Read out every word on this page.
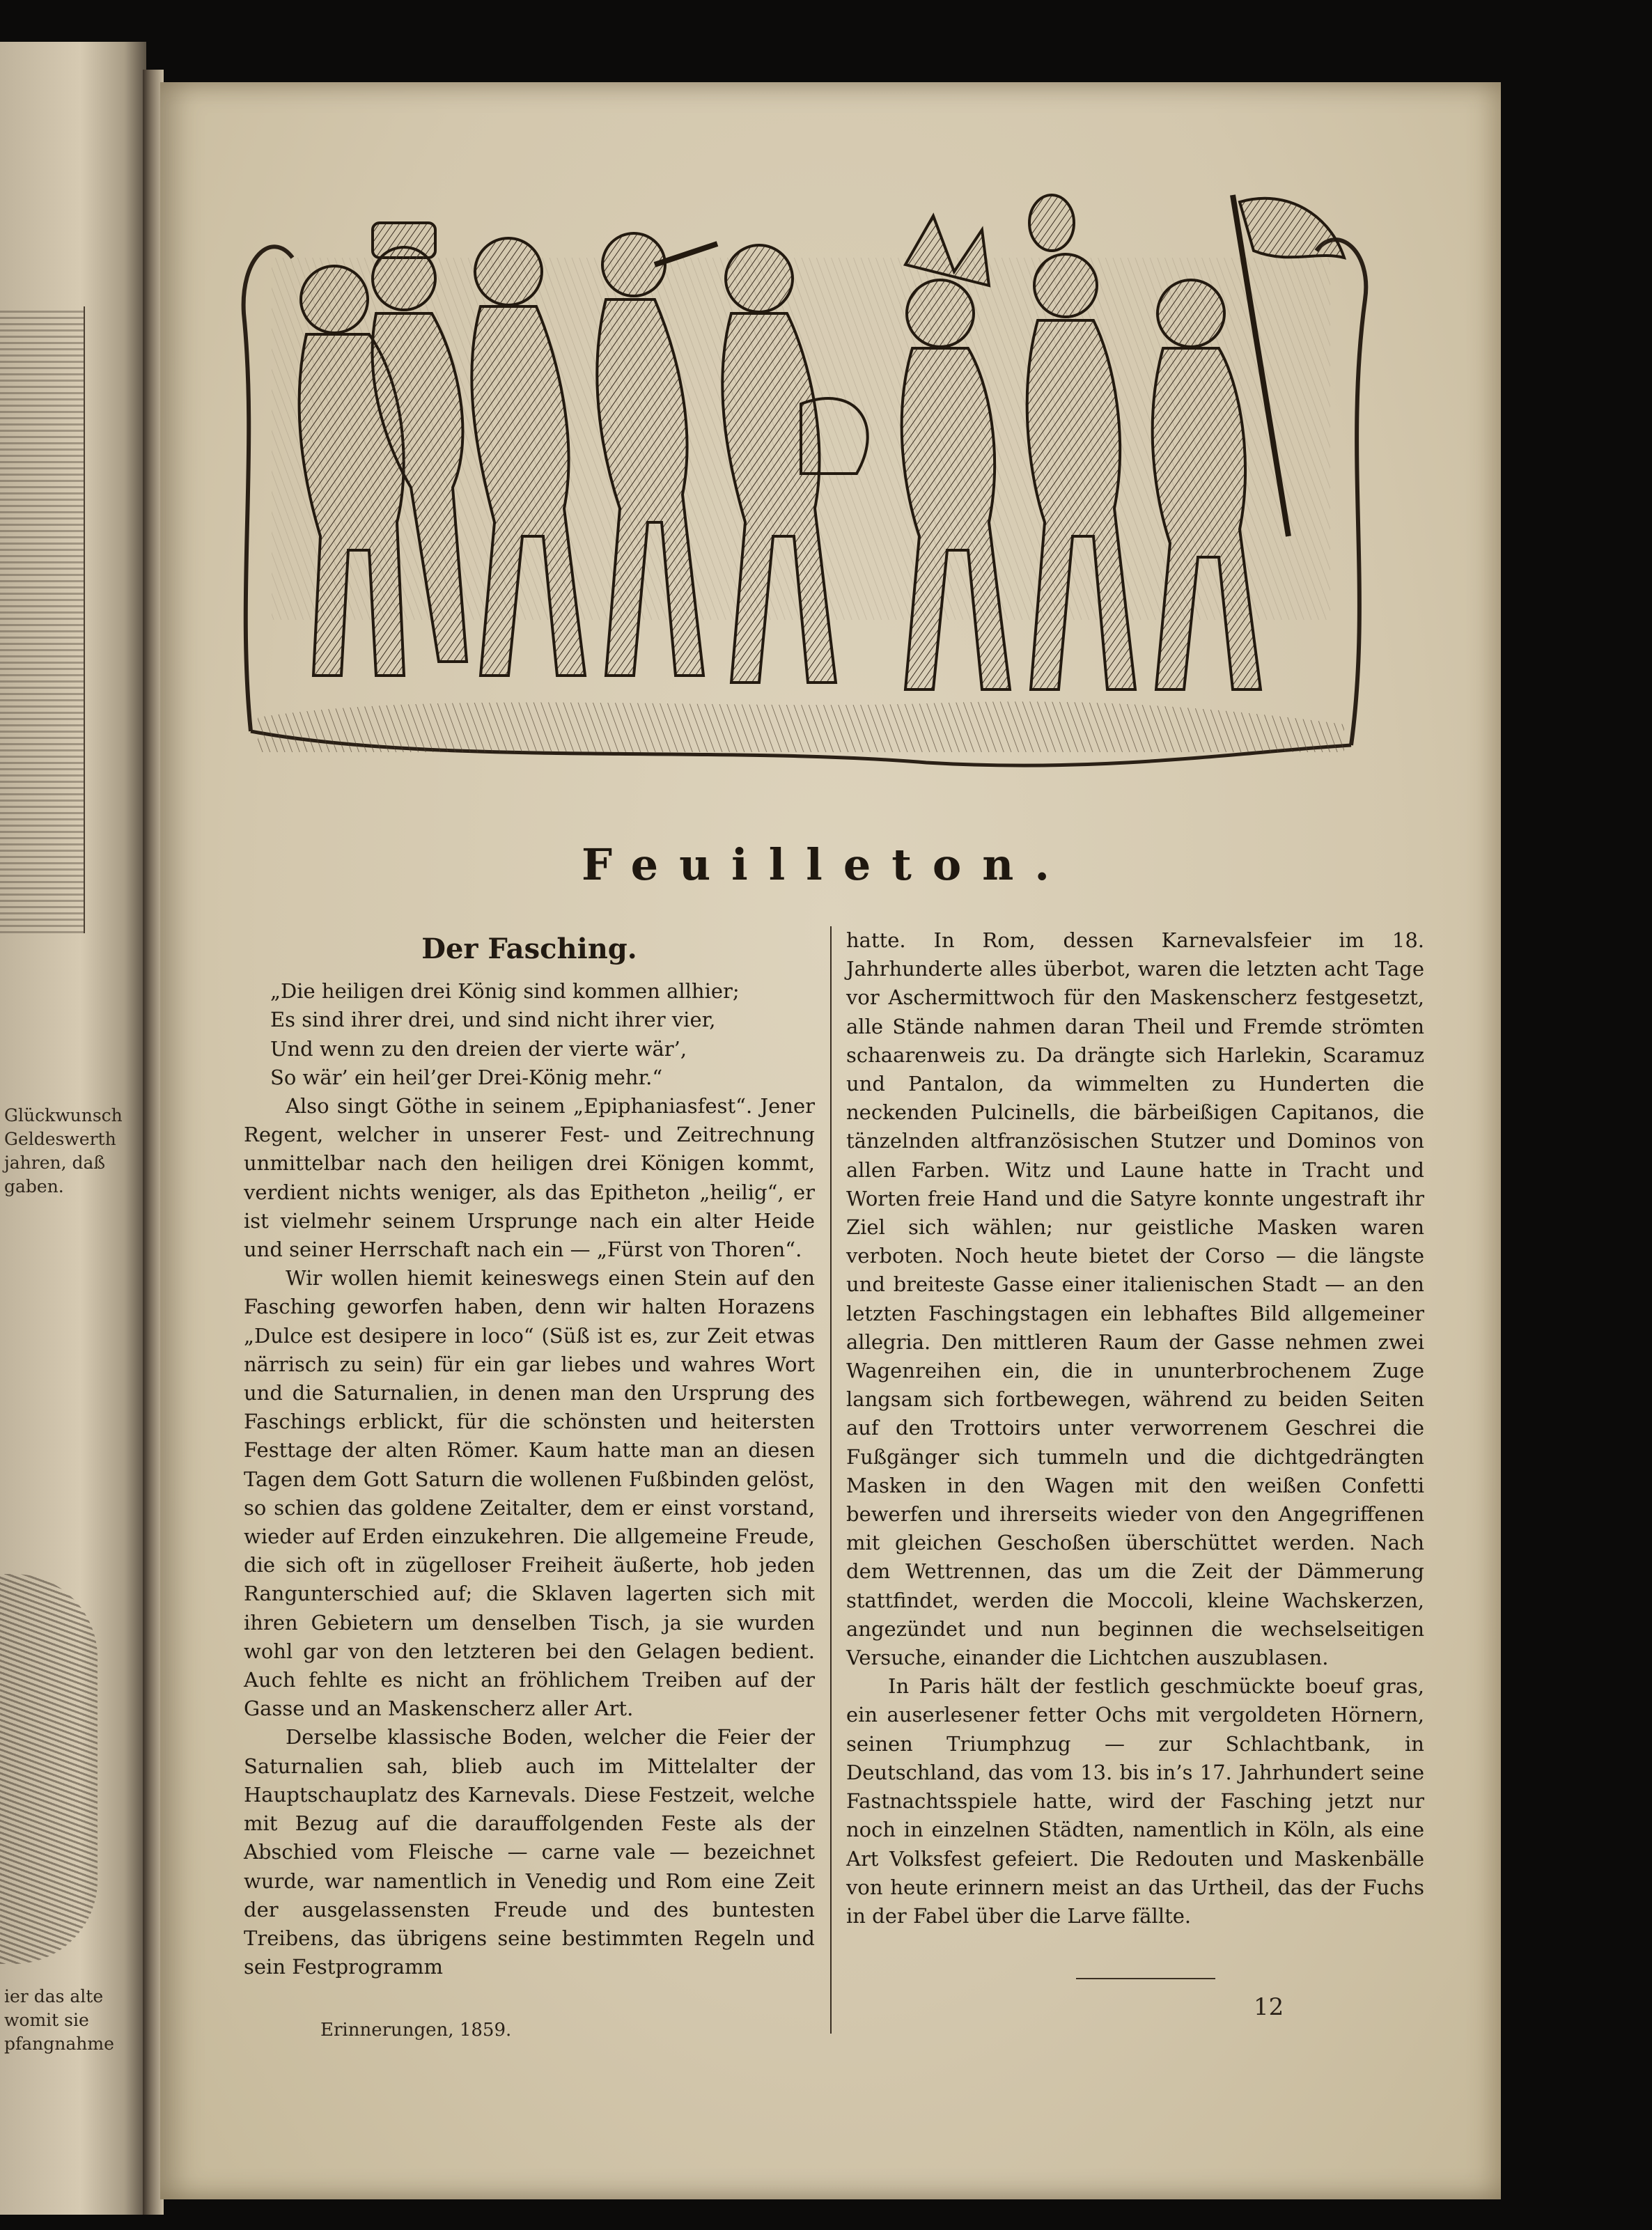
Glückwunsch
Geldeswerth
jahren, daß
gaben.
ier das alte
womit sie
pfangnahme
Feuilleton.
Der Fasching.
„Die heiligen drei König sind kommen allhier;
Es sind ihrer drei, und sind nicht ihrer vier,
Und wenn zu den dreien der vierte wär’,
So wär’ ein heil’ger Drei-König mehr.“

Also singt Göthe in seinem „Epiphaniasfest“. Jener Regent, welcher in unserer Fest- und Zeitrechnung unmittelbar nach den heiligen drei Königen kommt, verdient nichts weniger, als das Epitheton „heilig“, er ist vielmehr seinem Ursprunge nach ein alter Heide und seiner Herrschaft nach ein — „Fürst von Thoren“.

Wir wollen hiemit keineswegs einen Stein auf den Fasching geworfen haben, denn wir halten Horazens „Dulce est desipere in loco“ (Süß ist es, zur Zeit etwas närrisch zu sein) für ein gar liebes und wahres Wort und die Saturnalien, in denen man den Ursprung des Faschings erblickt, für die schönsten und heitersten Festtage der alten Römer. Kaum hatte man an diesen Tagen dem Gott Saturn die wollenen Fußbinden gelöst, so schien das goldene Zeitalter, dem er einst vorstand, wieder auf Erden einzukehren. Die allgemeine Freude, die sich oft in zügelloser Freiheit äußerte, hob jeden Rangunterschied auf; die Sklaven lagerten sich mit ihren Gebietern um denselben Tisch, ja sie wurden wohl gar von den letzteren bei den Gelagen bedient. Auch fehlte es nicht an fröhlichem Treiben auf der Gasse und an Maskenscherz aller Art.

Derselbe klassische Boden, welcher die Feier der Saturnalien sah, blieb auch im Mittelalter der Hauptschauplatz des Karnevals. Diese Festzeit, welche mit Bezug auf die darauffolgenden Feste als der Abschied vom Fleische — carne vale — bezeichnet wurde, war namentlich in Venedig und Rom eine Zeit der ausgelassensten Freude und des buntesten Treibens, das übrigens seine bestimmten Regeln und sein Festprogramm

hatte. In Rom, dessen Karnevalsfeier im 18. Jahrhunderte alles überbot, waren die letzten acht Tage vor Aschermittwoch für den Maskenscherz festgesetzt, alle Stände nahmen daran Theil und Fremde strömten schaarenweis zu. Da drängte sich Harlekin, Scaramuz und Pantalon, da wimmelten zu Hunderten die neckenden Pulcinells, die bärbeißigen Capitanos, die tänzelnden altfranzösischen Stutzer und Dominos von allen Farben. Witz und Laune hatte in Tracht und Worten freie Hand und die Satyre konnte ungestraft ihr Ziel sich wählen; nur geistliche Masken waren verboten. Noch heute bietet der Corso — die längste und breiteste Gasse einer italienischen Stadt — an den letzten Faschingstagen ein lebhaftes Bild allgemeiner allegria. Den mittleren Raum der Gasse nehmen zwei Wagenreihen ein, die in ununterbrochenem Zuge langsam sich fortbewegen, während zu beiden Seiten auf den Trottoirs unter verworrenem Geschrei die Fußgänger sich tummeln und die dichtgedrängten Masken in den Wagen mit den weißen Confetti bewerfen und ihrerseits wieder von den Angegriffenen mit gleichen Geschoßen überschüttet werden. Nach dem Wettrennen, das um die Zeit der Dämmerung stattfindet, werden die Moccoli, kleine Wachskerzen, angezündet und nun beginnen die wechselseitigen Versuche, einander die Lichtchen auszublasen.

In Paris hält der festlich geschmückte boeuf gras, ein auserlesener fetter Ochs mit vergoldeten Hörnern, seinen Triumphzug — zur Schlachtbank, in Deutschland, das vom 13. bis in’s 17. Jahrhundert seine Fastnachtsspiele hatte, wird der Fasching jetzt nur noch in einzelnen Städten, namentlich in Köln, als eine Art Volksfest gefeiert. Die Redouten und Maskenbälle von heute erinnern meist an das Urtheil, das der Fuchs in der Fabel über die Larve fällte.

Erinnerungen, 1859.
12
